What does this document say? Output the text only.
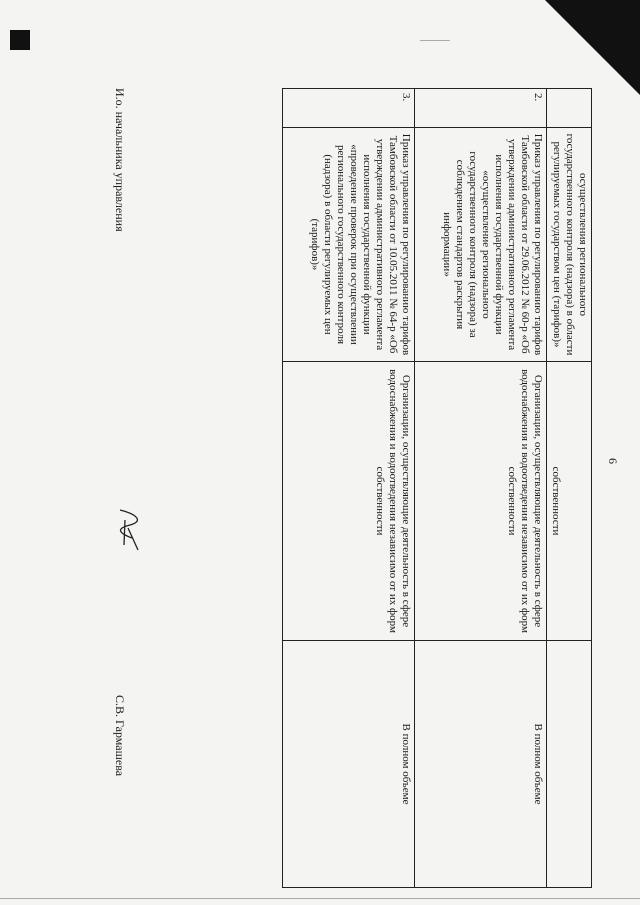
6
	осуществления регионального государственного контроля (надзора) в области регулируемых государством цен (тарифов)»	собственности	
2.	Приказ управления по регулированию тарифов Тамбовской области от 29.06.2012 № 60-р «Об утверждении административного регламента исполнения государственной функции «осуществление регионального государственного контроля (надзора) за соблюдением стандартов раскрытия информации»	Организации, осуществляющие деятельность в сфере водоснабжения и водоотведения независимо от их форм собственности	В полном объеме
3.	Приказ управления по регулированию тарифов Тамбовской области от 10.05.2011 № 64-р «Об утверждении административного регламента исполнения государственной функции «проведение проверок при осуществлении регионального государственного контроля (надзора) в области регулируемых цен (тарифов)»	Организации, осуществляющие деятельность в сфере водоснабжения и водоотведения независимо от их форм собственности	В полном объеме
И.о. начальника управления
С.В. Гармашева
